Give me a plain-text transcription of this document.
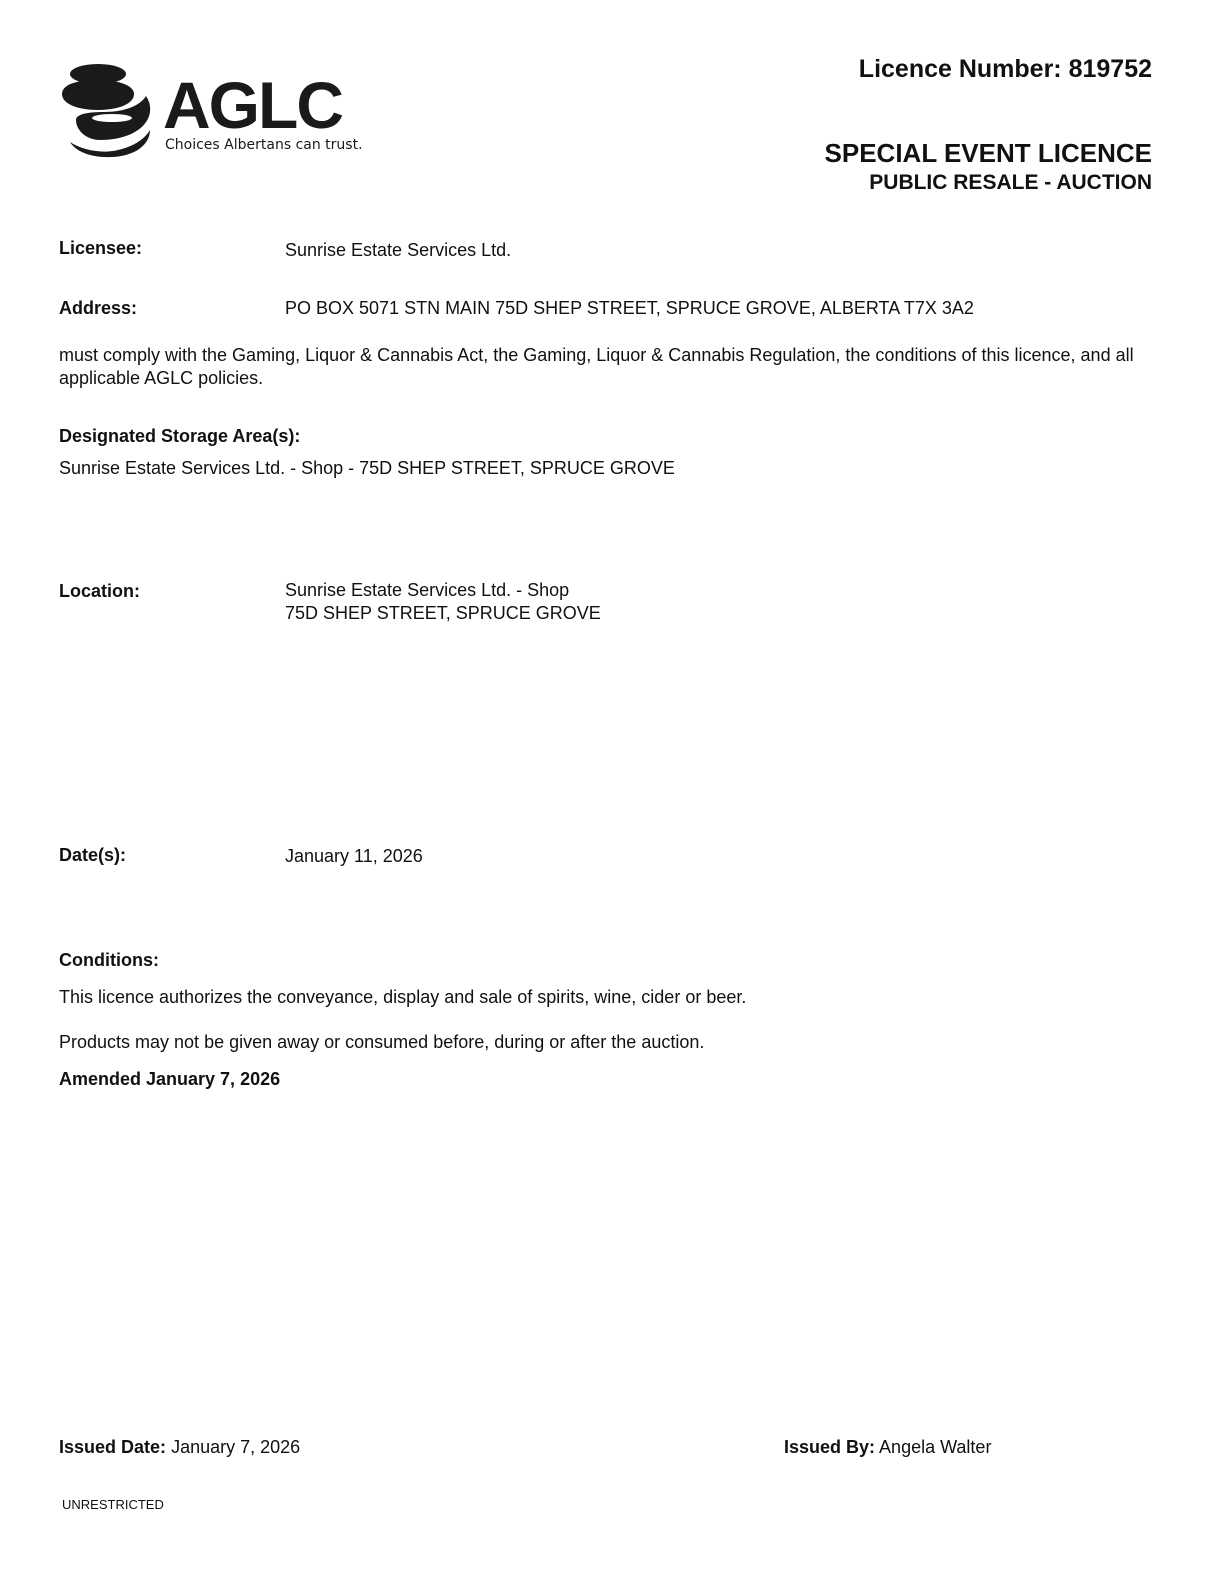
AGLC
Choices Albertans can trust.
Licence Number: 819752
SPECIAL EVENT LICENCE
PUBLIC RESALE - AUCTION
Licensee:	Sunrise Estate Services Ltd.
Address:	PO BOX 5071 STN MAIN 75D SHEP STREET, SPRUCE GROVE, ALBERTA T7X 3A2
must comply with the Gaming, Liquor & Cannabis Act, the Gaming, Liquor & Cannabis Regulation, the conditions of this licence, and all applicable AGLC policies.
Designated Storage Area(s):
Sunrise Estate Services Ltd. - Shop - 75D SHEP STREET, SPRUCE GROVE
Location:	Sunrise Estate Services Ltd. - Shop
75D SHEP STREET, SPRUCE GROVE
Date(s):	January 11, 2026
Conditions:
This licence authorizes the conveyance, display and sale of spirits, wine, cider or beer.
Products may not be given away or consumed before, during or after the auction.
Amended January 7, 2026
Issued Date: January 7, 2026	Issued By: Angela Walter
UNRESTRICTED
